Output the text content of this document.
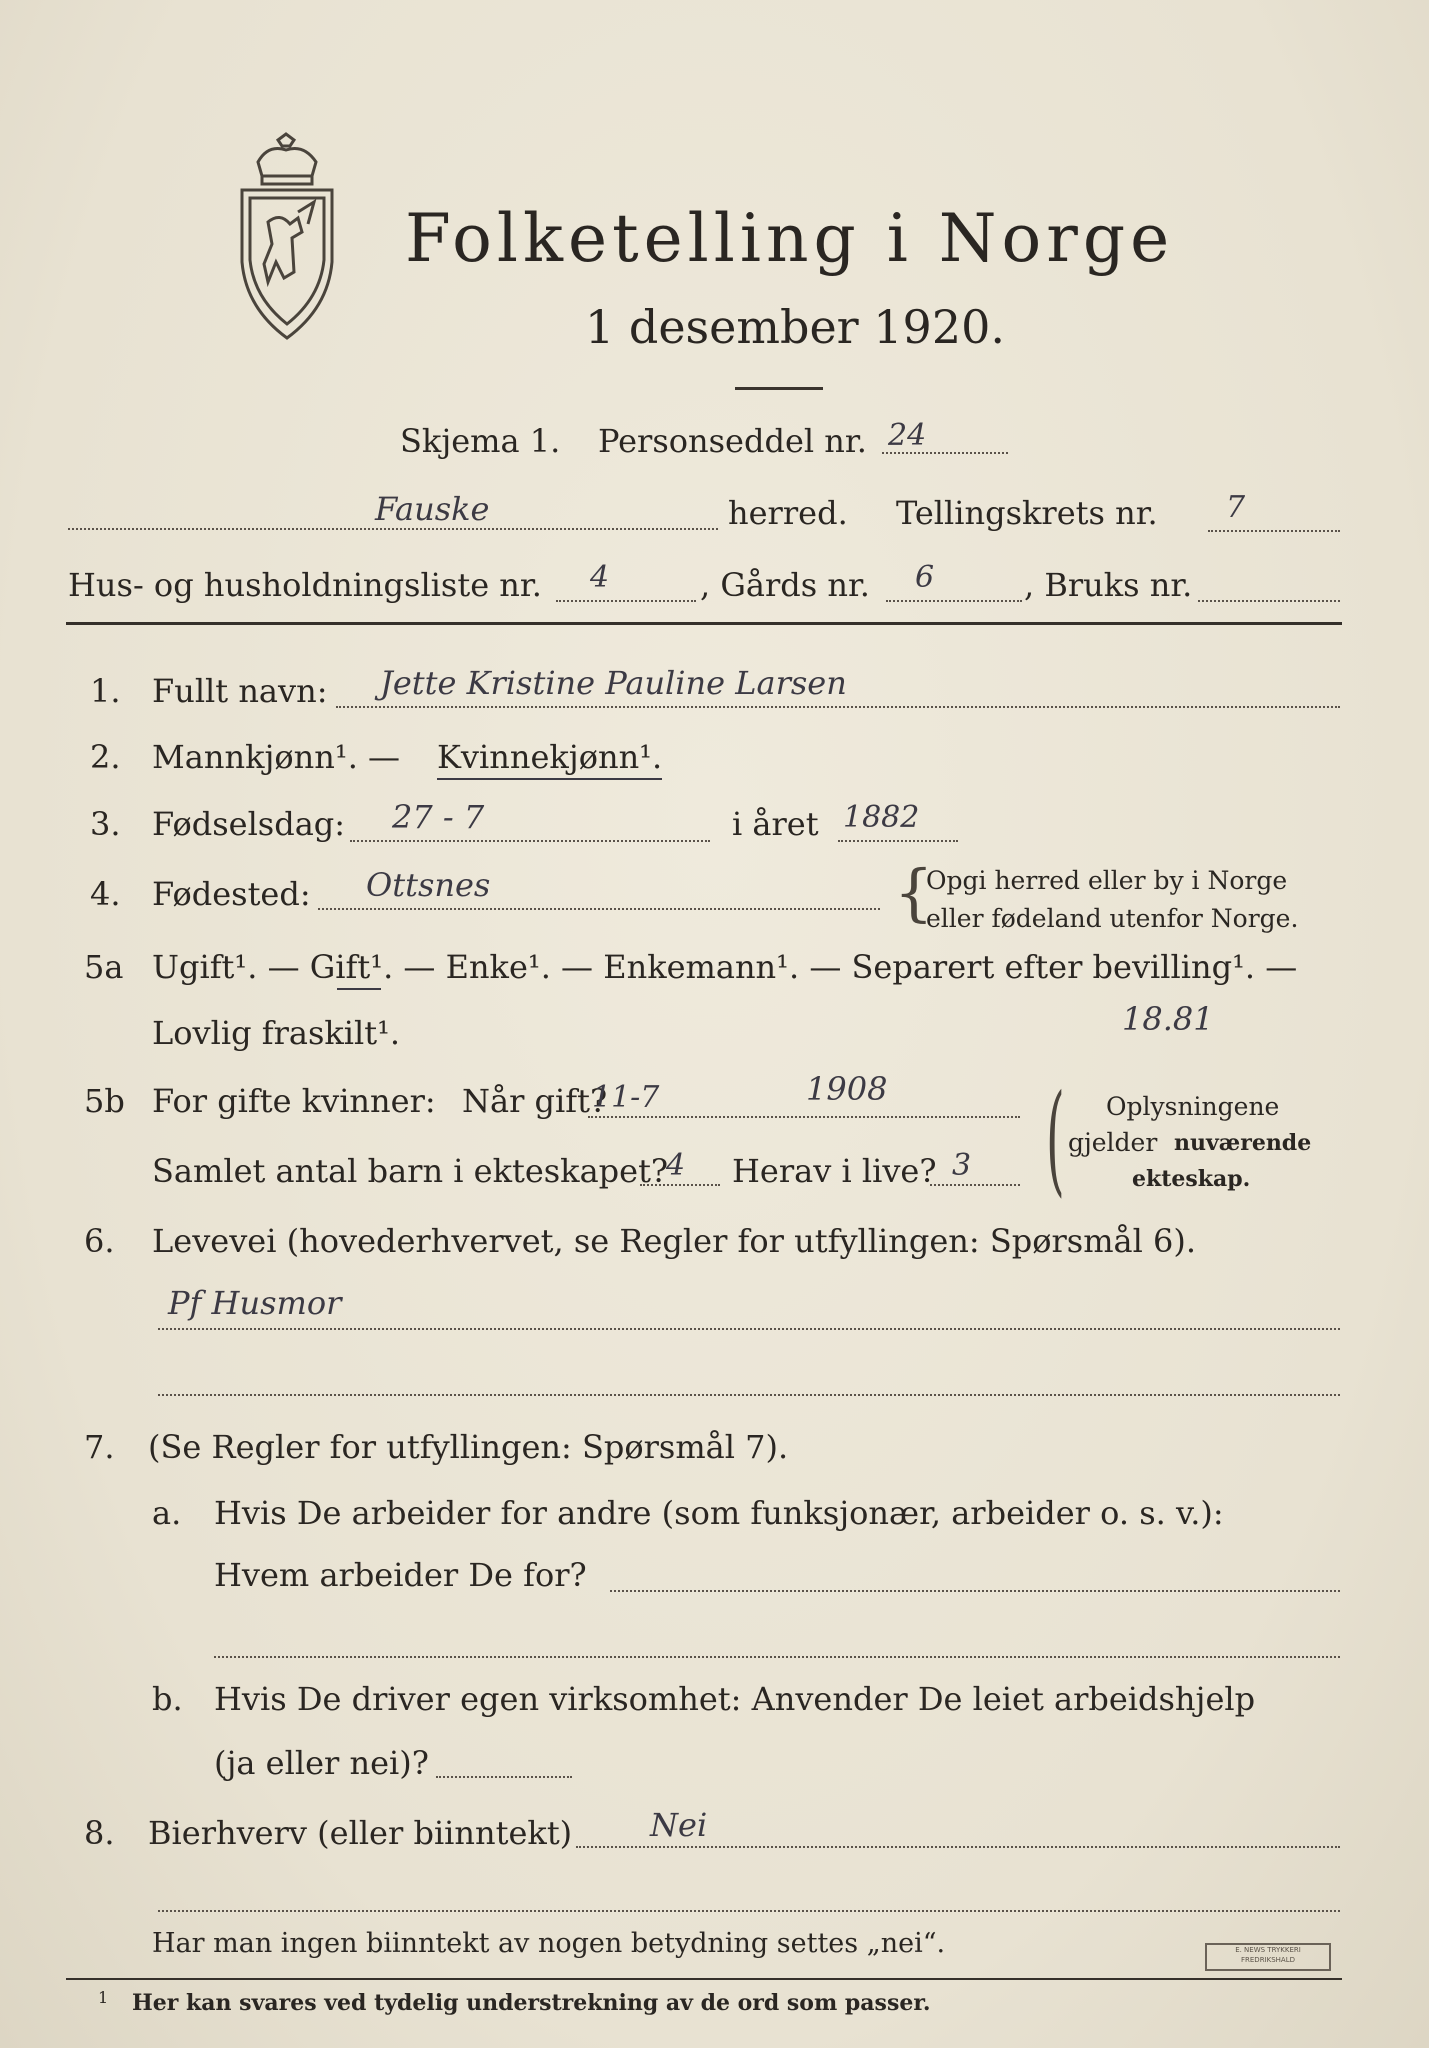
Folketelling i Norge
1 desember 1920.
Skjema 1. Personseddel nr. 24
Fauske	herred. Tellingskrets nr. 7
Hus- og husholdningsliste nr. 4	, Gårds nr. 6	, Bruks nr.
1. Fullt navn: Jette Kristine Pauline Larsen
2. Mannkjønn¹. — Kvinnekjønn¹.
3. Fødselsdag: 27 - 7	i året 1882
4. Fødested: Ottsnes	{
Opgi herred eller by i Norge
eller fødeland utenfor Norge.
5a Ugift¹. — Gift¹. — Enke¹. — Enkemann¹. — Separert efter bevilling¹. —
Lovlig fraskilt¹.	18.81
5b For gifte kvinner: Når gift?
11-7	1908
Samlet antal barn i ekteskapet?
4 Herav i live? 3 ( Oplysningene
gjelder nuværende
ekteskap.
6. Levevei (hovederhvervet, se Regler for utfyllingen: Spørsmål 6).
Pf Husmor
7. (Se Regler for utfyllingen: Spørsmål 7).
a. Hvis De arbeider for andre (som funksjonær, arbeider o. s. v.):
Hvem arbeider De for?
b. Hvis De driver egen virksomhet: Anvender De leiet arbeidshjelp
(ja eller nei)?
8. Bierhverv (eller biinntekt) Nei
Har man ingen biinntekt av nogen betydning settes „nei“.
1 Her kan svares ved tydelig understrekning av de ord som passer.
E. NEWS TRYKKERI
FREDRIKSHALD
